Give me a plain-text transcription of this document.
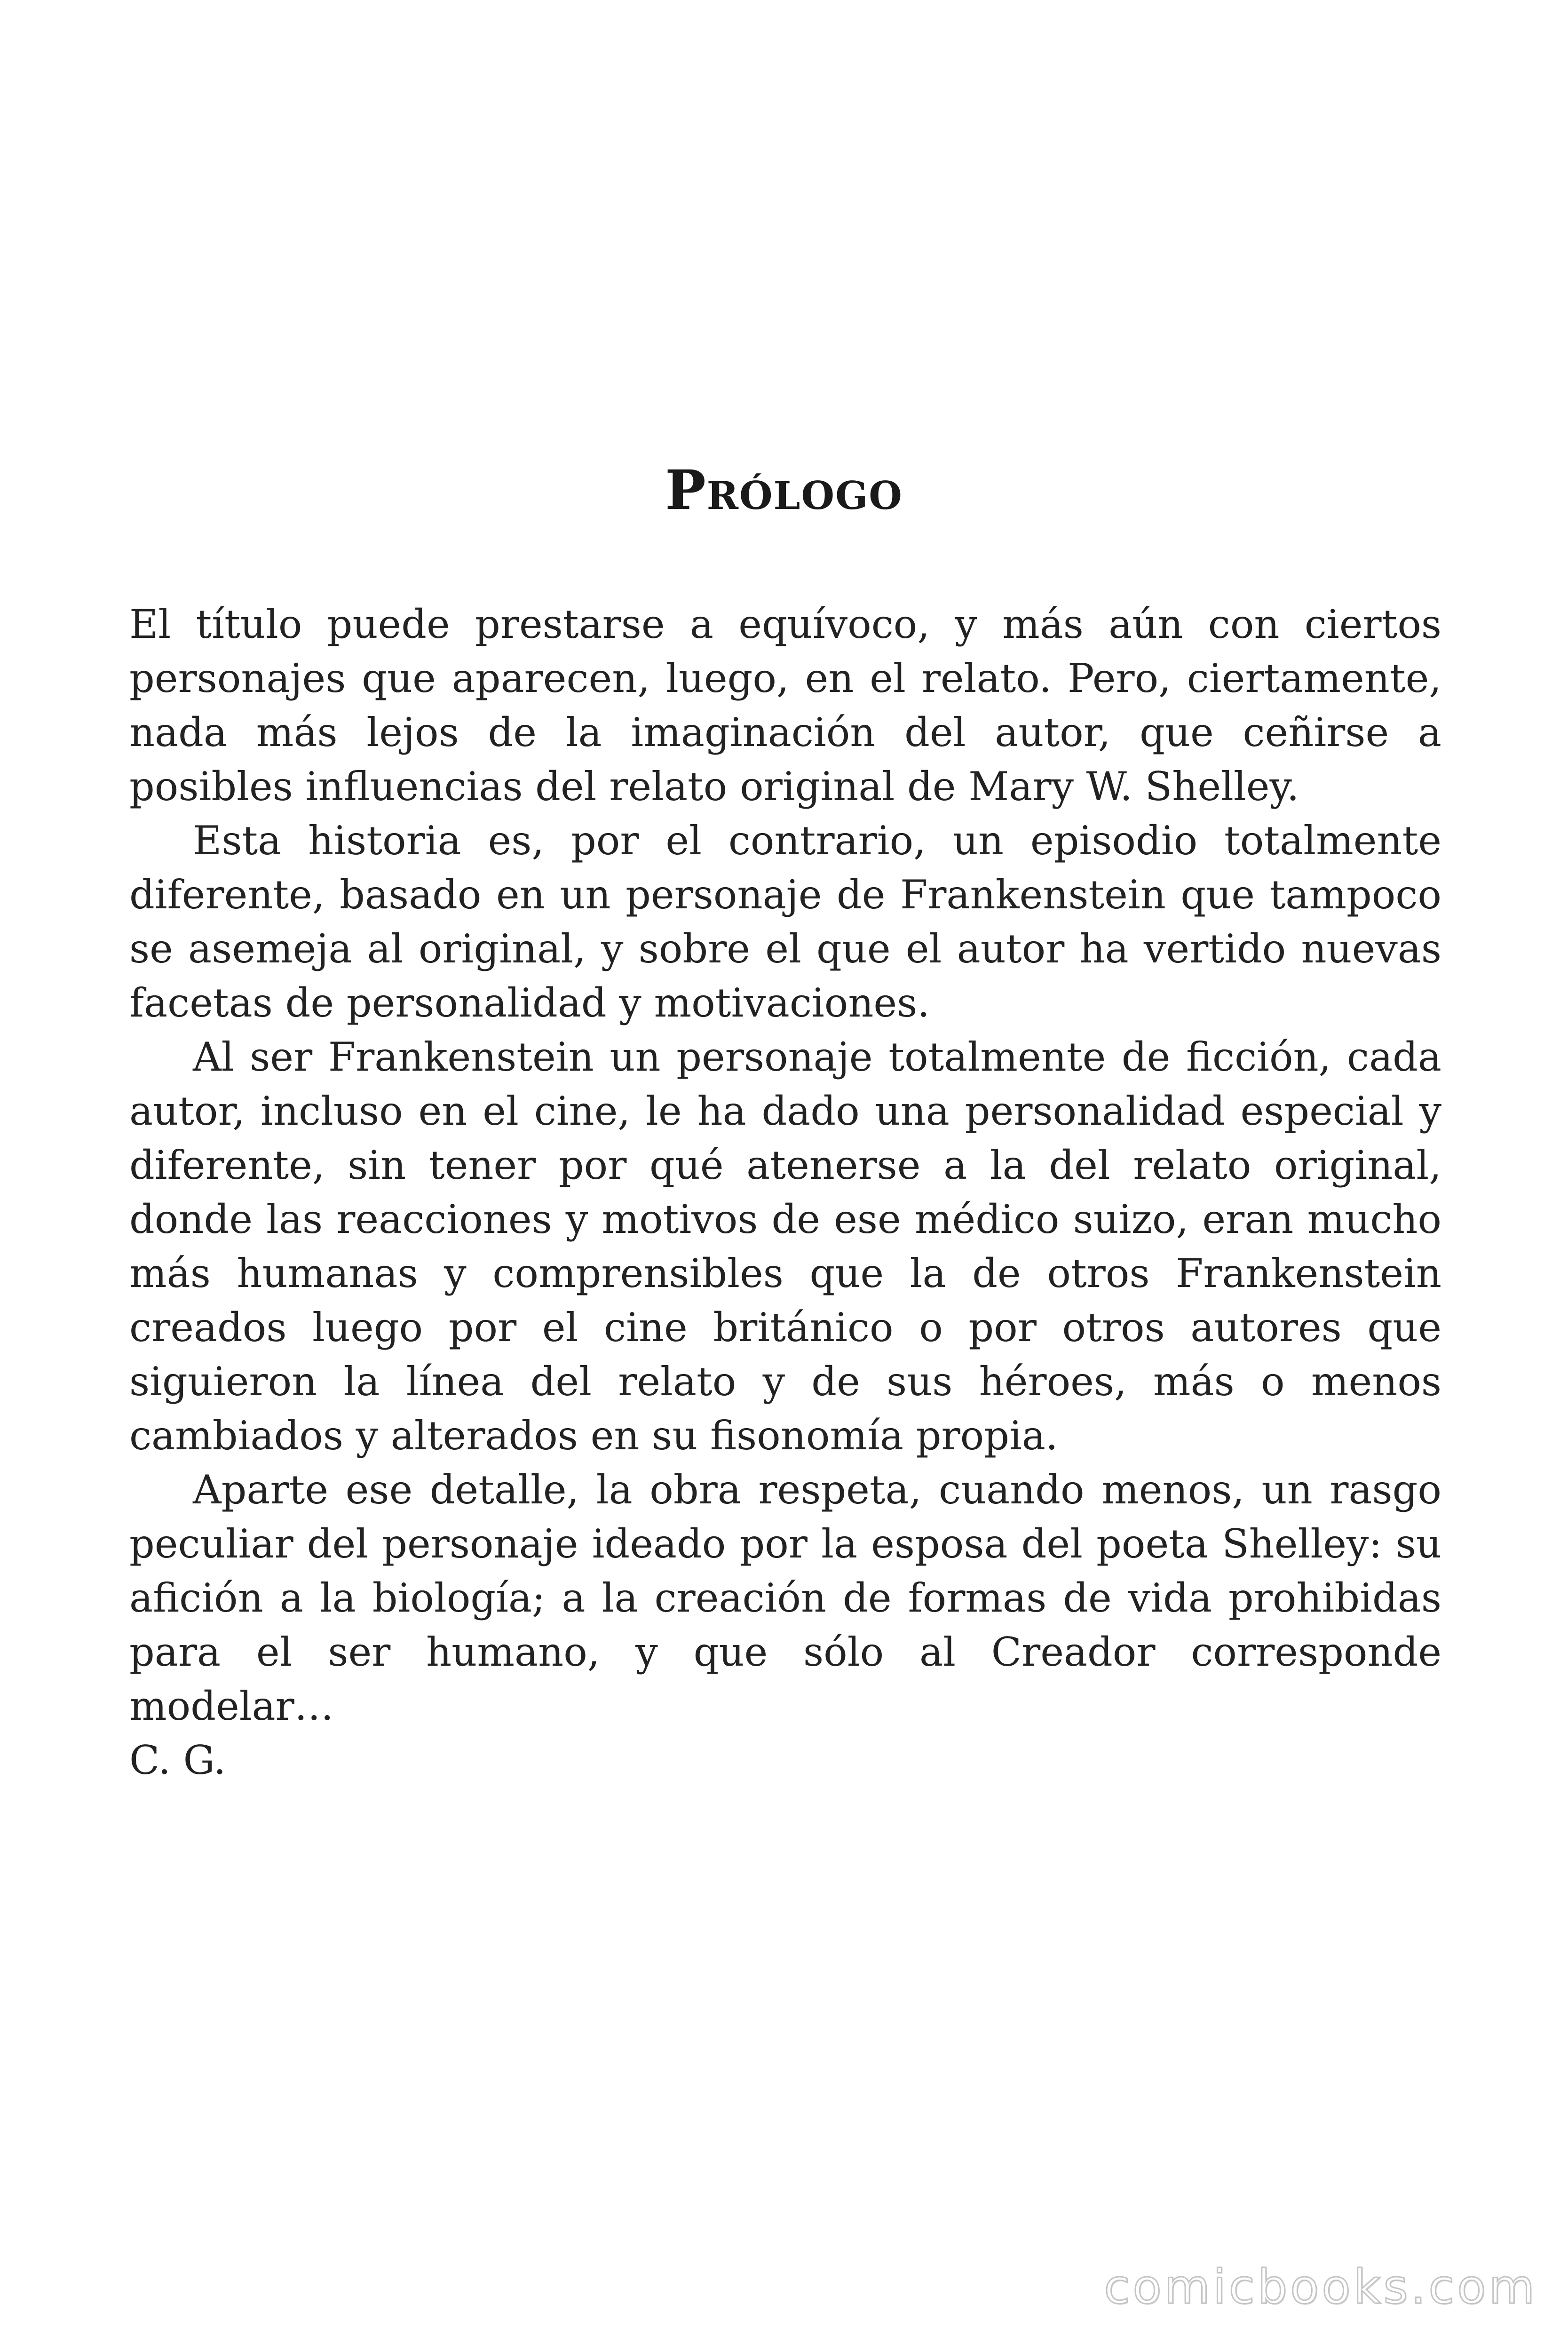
Prólogo

El título puede prestarse a equívoco, y más aún con ciertos personajes que aparecen, luego, en el relato. Pero, ciertamente, nada más lejos de la imaginación del autor, que ceñirse a posibles influencias del relato original de Mary W. Shelley.

Esta historia es, por el contrario, un episodio totalmente diferente, basado en un personaje de Frankenstein que tampoco se asemeja al original, y sobre el que el autor ha vertido nuevas facetas de personalidad y motivaciones.

Al ser Frankenstein un personaje totalmente de ficción, cada autor, incluso en el cine, le ha dado una personalidad especial y diferente, sin tener por qué atenerse a la del relato original, donde las reacciones y motivos de ese médico suizo, eran mucho más humanas y comprensibles que la de otros Frankenstein creados luego por el cine británico o por otros autores que siguieron la línea del relato y de sus héroes, más o menos cambiados y alterados en su fisonomía propia.

Aparte ese detalle, la obra respeta, cuando menos, un rasgo peculiar del personaje ideado por la esposa del poeta Shelley: su afición a la biología; a la creación de formas de vida prohibidas para el ser humano, y que sólo al Creador corresponde modelar…

C. G.

comicbooks.com
